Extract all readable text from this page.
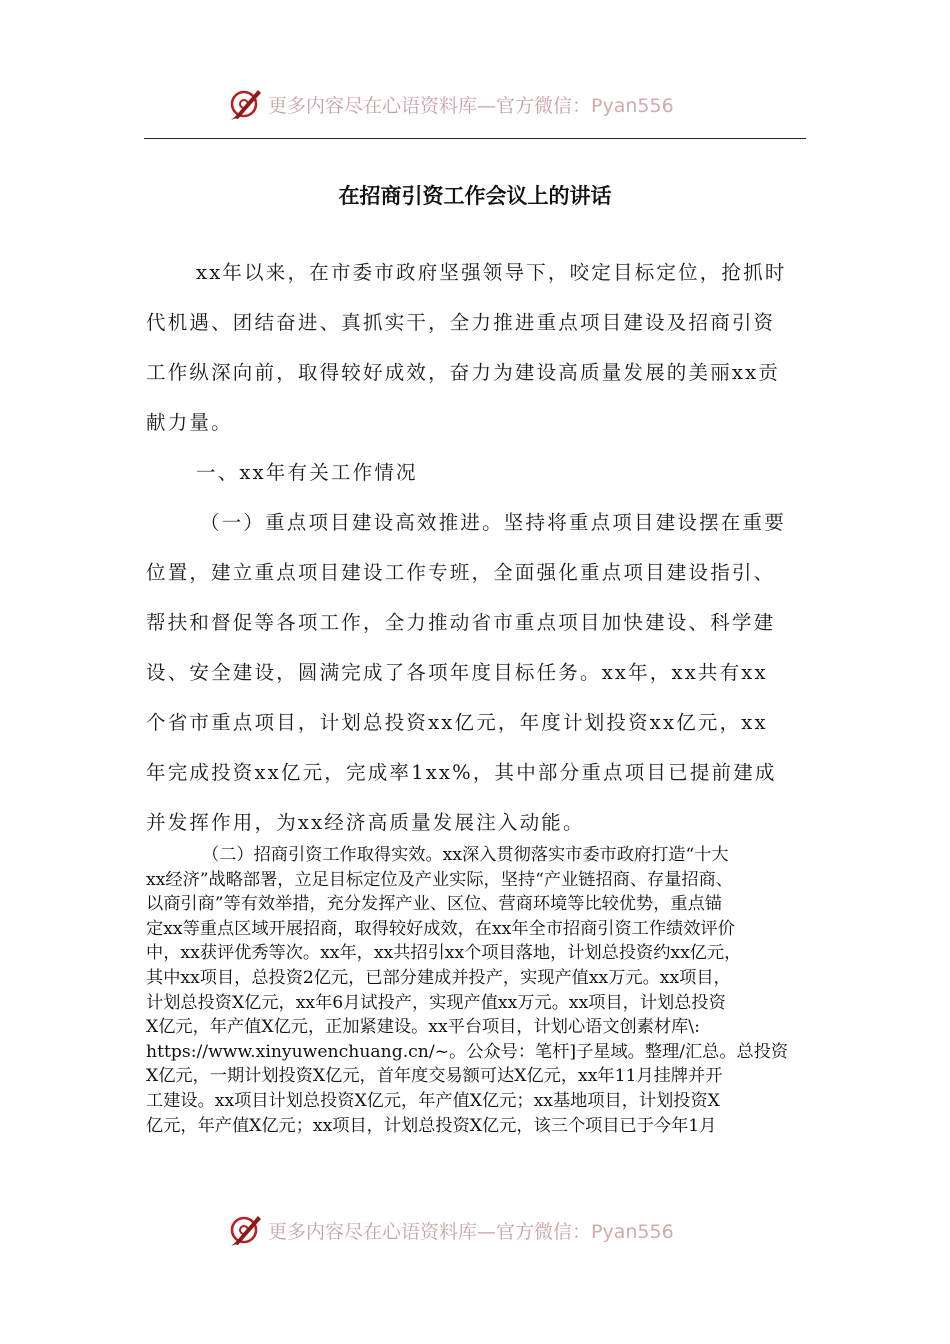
更多内容尽在心语资料库—官方微信：Pyan556
在招商引资工作会议上的讲话
xx年以来，在市委市政府坚强领导下，咬定目标定位，抢抓时
代机遇、团结奋进、真抓实干，全力推进重点项目建设及招商引资
工作纵深向前，取得较好成效，奋力为建设高质量发展的美丽xx贡
献力量。
一、xx年有关工作情况
（一）重点项目建设高效推进。坚持将重点项目建设摆在重要
位置，建立重点项目建设工作专班，全面强化重点项目建设指引、
帮扶和督促等各项工作，全力推动省市重点项目加快建设、科学建
设、安全建设，圆满完成了各项年度目标任务。xx年，xx共有xx
个省市重点项目，计划总投资xx亿元，年度计划投资xx亿元，xx
年完成投资xx亿元，完成率1xx%，其中部分重点项目已提前建成
并发挥作用，为xx经济高质量发展注入动能。
（二）招商引资工作取得实效。xx深入贯彻落实市委市政府打造“十大
xx经济”战略部署，立足目标定位及产业实际，坚持“产业链招商、存量招商、
以商引商”等有效举措，充分发挥产业、区位、营商环境等比较优势，重点锚
定xx等重点区域开展招商，取得较好成效，在xx年全市招商引资工作绩效评价
中，xx获评优秀等次。xx年，xx共招引xx个项目落地，计划总投资约xx亿元，
其中xx项目，总投资2亿元，已部分建成并投产，实现产值xx万元。xx项目，
计划总投资X亿元，xx年6月试投产，实现产值xx万元。xx项目，计划总投资
X亿元，年产值X亿元，正加紧建设。xx平台项目，计划心语文创素材库\:
https://www.xinyuwenchuang.cn/~。公众号：笔杆]子星域。整理/汇总。总投资
X亿元，一期计划投资X亿元，首年度交易额可达X亿元，xx年11月挂牌并开
工建设。xx项目计划总投资X亿元，年产值X亿元；xx基地项目，计划投资X
亿元，年产值X亿元；xx项目，计划总投资X亿元，该三个项目已于今年1月
更多内容尽在心语资料库—官方微信：Pyan556
